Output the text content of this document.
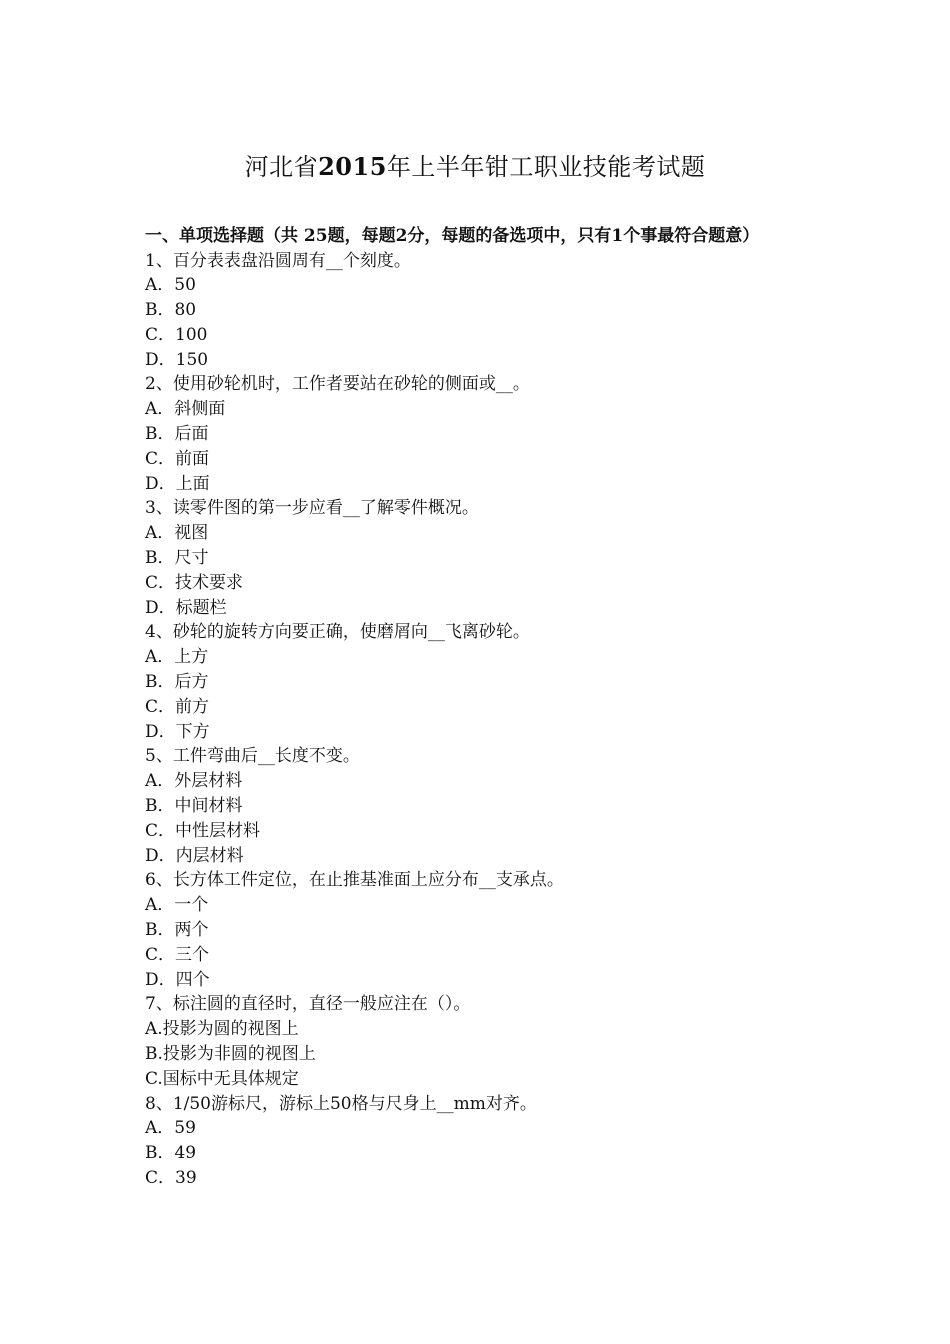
河北省2015年上半年钳工职业技能考试题
一、单项选择题（共 25题，每题2分，每题的备选项中，只有1个事最符合题意）
1、百分表表盘沿圆周有__个刻度。
A．50
B．80
C．100
D．150
2、使用砂轮机时，工作者要站在砂轮的侧面或__。
A．斜侧面
B．后面
C．前面
D．上面
3、读零件图的第一步应看__了解零件概况。
A．视图
B．尺寸
C．技术要求
D．标题栏
4、砂轮的旋转方向要正确，使磨屑向__飞离砂轮。
A．上方
B．后方
C．前方
D．下方
5、工件弯曲后__长度不变。
A．外层材料
B．中间材料
C．中性层材料
D．内层材料
6、长方体工件定位，在止推基准面上应分布__支承点。
A．一个
B．两个
C．三个
D．四个
7、标注圆的直径时，直径一般应注在（）。
A.投影为圆的视图上
B.投影为非圆的视图上
C.国标中无具体规定
8、1/50游标尺，游标上50格与尺身上__mm对齐。
A．59
B．49
C．39
